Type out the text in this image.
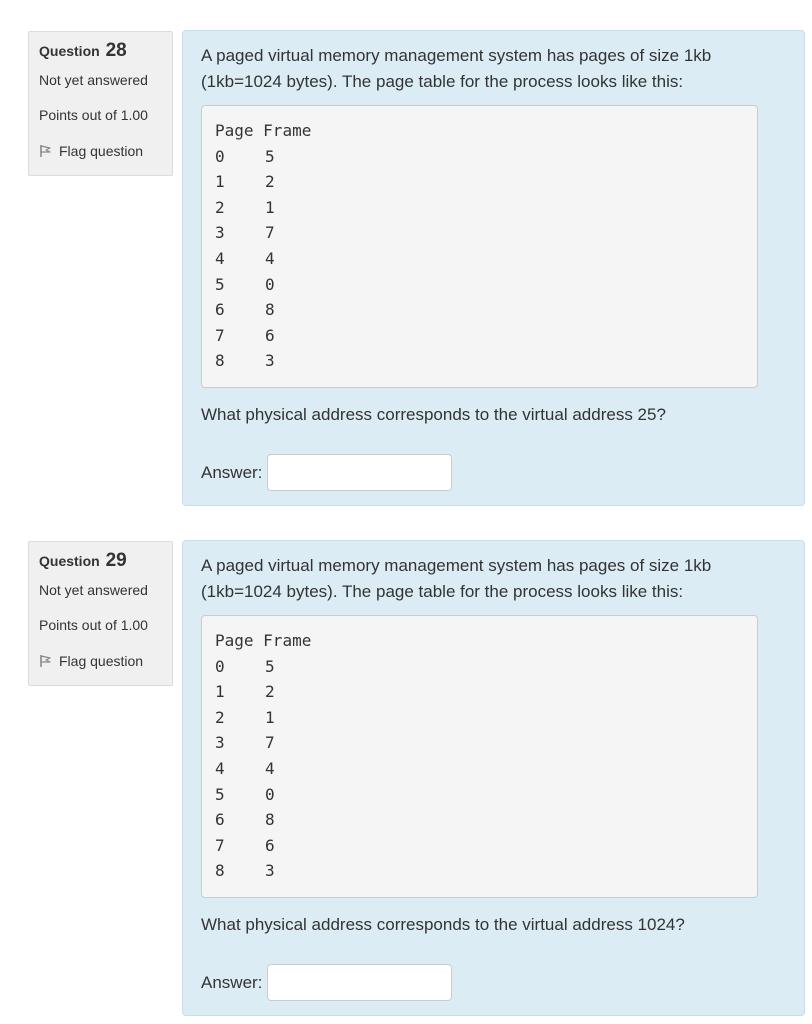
Question 28
Not yet answered
Points out of 1.00
Flag question
A paged virtual memory management system has pages of size 1kb (1kb=1024 bytes). The page table for the process looks like this:
Page Frame
0	5
1	2
2	1
3	7
4	4
5	0
6	8
7	6
8	3
What physical address corresponds to the virtual address 25?
Answer:
Question 29
Not yet answered
Points out of 1.00
Flag question
A paged virtual memory management system has pages of size 1kb (1kb=1024 bytes). The page table for the process looks like this:
Page Frame
0	5
1	2
2	1
3	7
4	4
5	0
6	8
7	6
8	3
What physical address corresponds to the virtual address 1024?
Answer:
